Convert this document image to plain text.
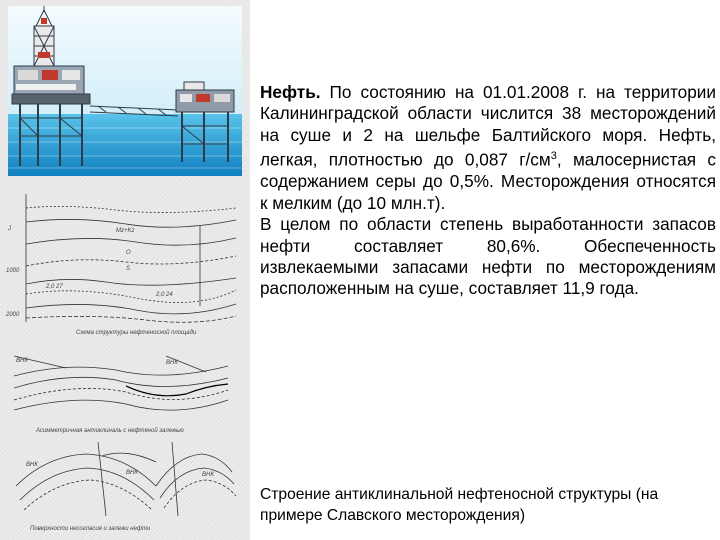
J
1000
2000
Mz+Kz
O
S
2,0 27
2,0 24
Схема структуры нефтеносной площади
ВНК	ВНК
Асимметричная антиклиналь с нефтяной залежью
ВНК
ВНК	ВНК
Поверхности несогласия и залежи нефти

Нефть. По состоянию на 01.01.2008 г. на территории Калининградской области числится 38 месторождений на суше и 2 на шельфе Балтийского моря. Нефть, легкая, плотностью до 0,087 $г/см^3$, малосернистая с содержанием серы до 0,5%. Месторождения относятся к мелким (до 10 млн.т).

В целом по области степень выработанности запасов нефти составляет 80,6%. Обеспеченность извлекаемыми запасами нефти по месторождениям расположенным на суше, составляет 11,9 года.

Строение антиклинальной нефтеносной структуры (на примере Славского месторождения)
